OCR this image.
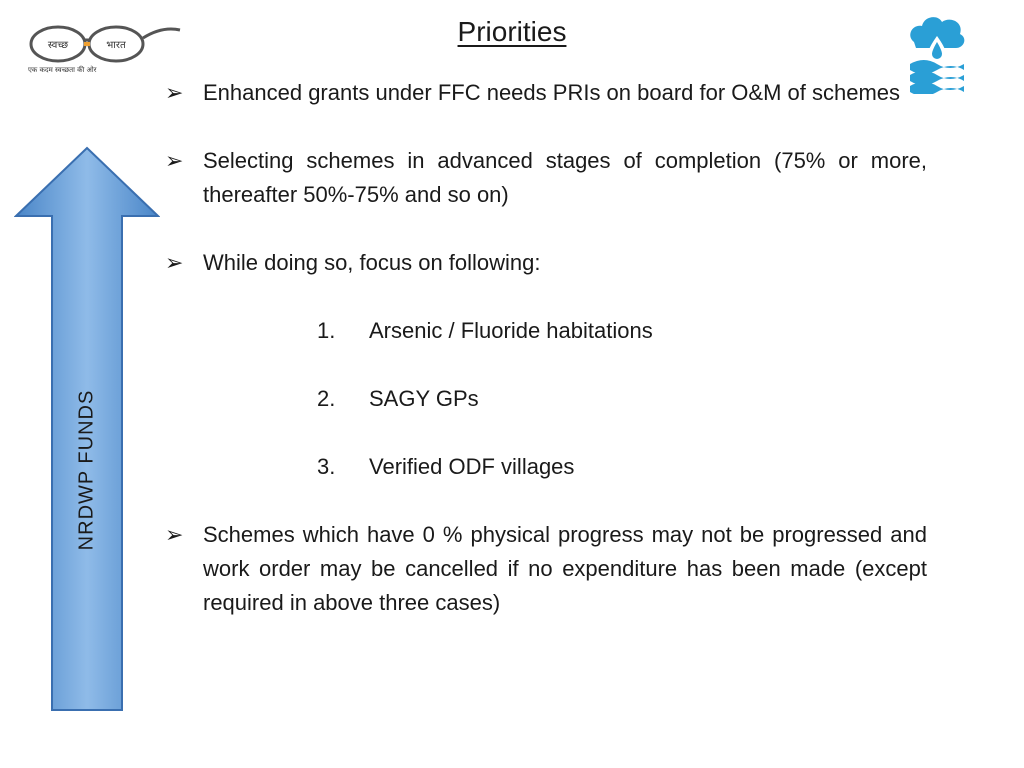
स्वच्छ	भारत
एक कदम स्वच्छता की ओर
Priorities
NRDWP FUNDS
➢ Enhanced grants under FFC needs PRIs on board for O&M of schemes
➢ Selecting schemes in advanced stages of completion (75% or more, thereafter 50%-75% and so on)
➢ While doing so, focus on following:
1.	Arsenic / Fluoride habitations
2.	SAGY GPs
3.	Verified ODF villages
➢ Schemes which have 0 % physical progress may not be progressed and work order may be cancelled if no expenditure has been made (except required in above three cases)
